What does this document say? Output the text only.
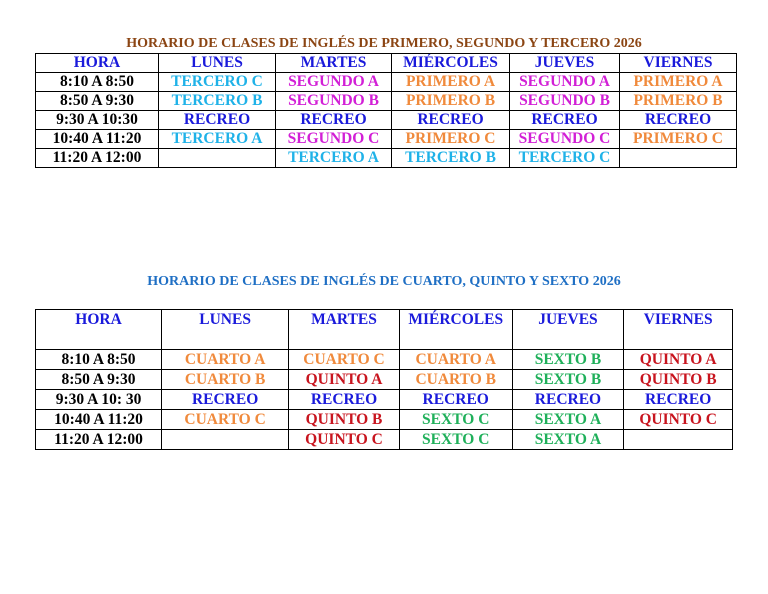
HORARIO DE CLASES DE INGLÉS DE PRIMERO, SEGUNDO Y TERCERO 2026
HORA	LUNES	MARTES	MIÉRCOLES	JUEVES	VIERNES
8:10 A 8:50	TERCERO C	SEGUNDO A	PRIMERO A	SEGUNDO A	PRIMERO A
8:50 A 9:30	TERCERO B	SEGUNDO B	PRIMERO B	SEGUNDO B	PRIMERO B
9:30 A 10:30	RECREO	RECREO	RECREO	RECREO	RECREO
10:40 A 11:20	TERCERO A	SEGUNDO C	PRIMERO C	SEGUNDO C	PRIMERO C
11:20 A 12:00		TERCERO A	TERCERO B	TERCERO C	
HORARIO DE CLASES DE INGLÉS DE CUARTO, QUINTO Y SEXTO 2026
HORA	LUNES	MARTES	MIÉRCOLES	JUEVES	VIERNES
8:10 A 8:50	CUARTO A	CUARTO C	CUARTO A	SEXTO B	QUINTO A
8:50 A 9:30	CUARTO B	QUINTO A	CUARTO B	SEXTO B	QUINTO B
9:30 A 10: 30	RECREO	RECREO	RECREO	RECREO	RECREO
10:40 A 11:20	CUARTO C	QUINTO B	SEXTO C	SEXTO A	QUINTO C
11:20 A 12:00		QUINTO C	SEXTO C	SEXTO A	
